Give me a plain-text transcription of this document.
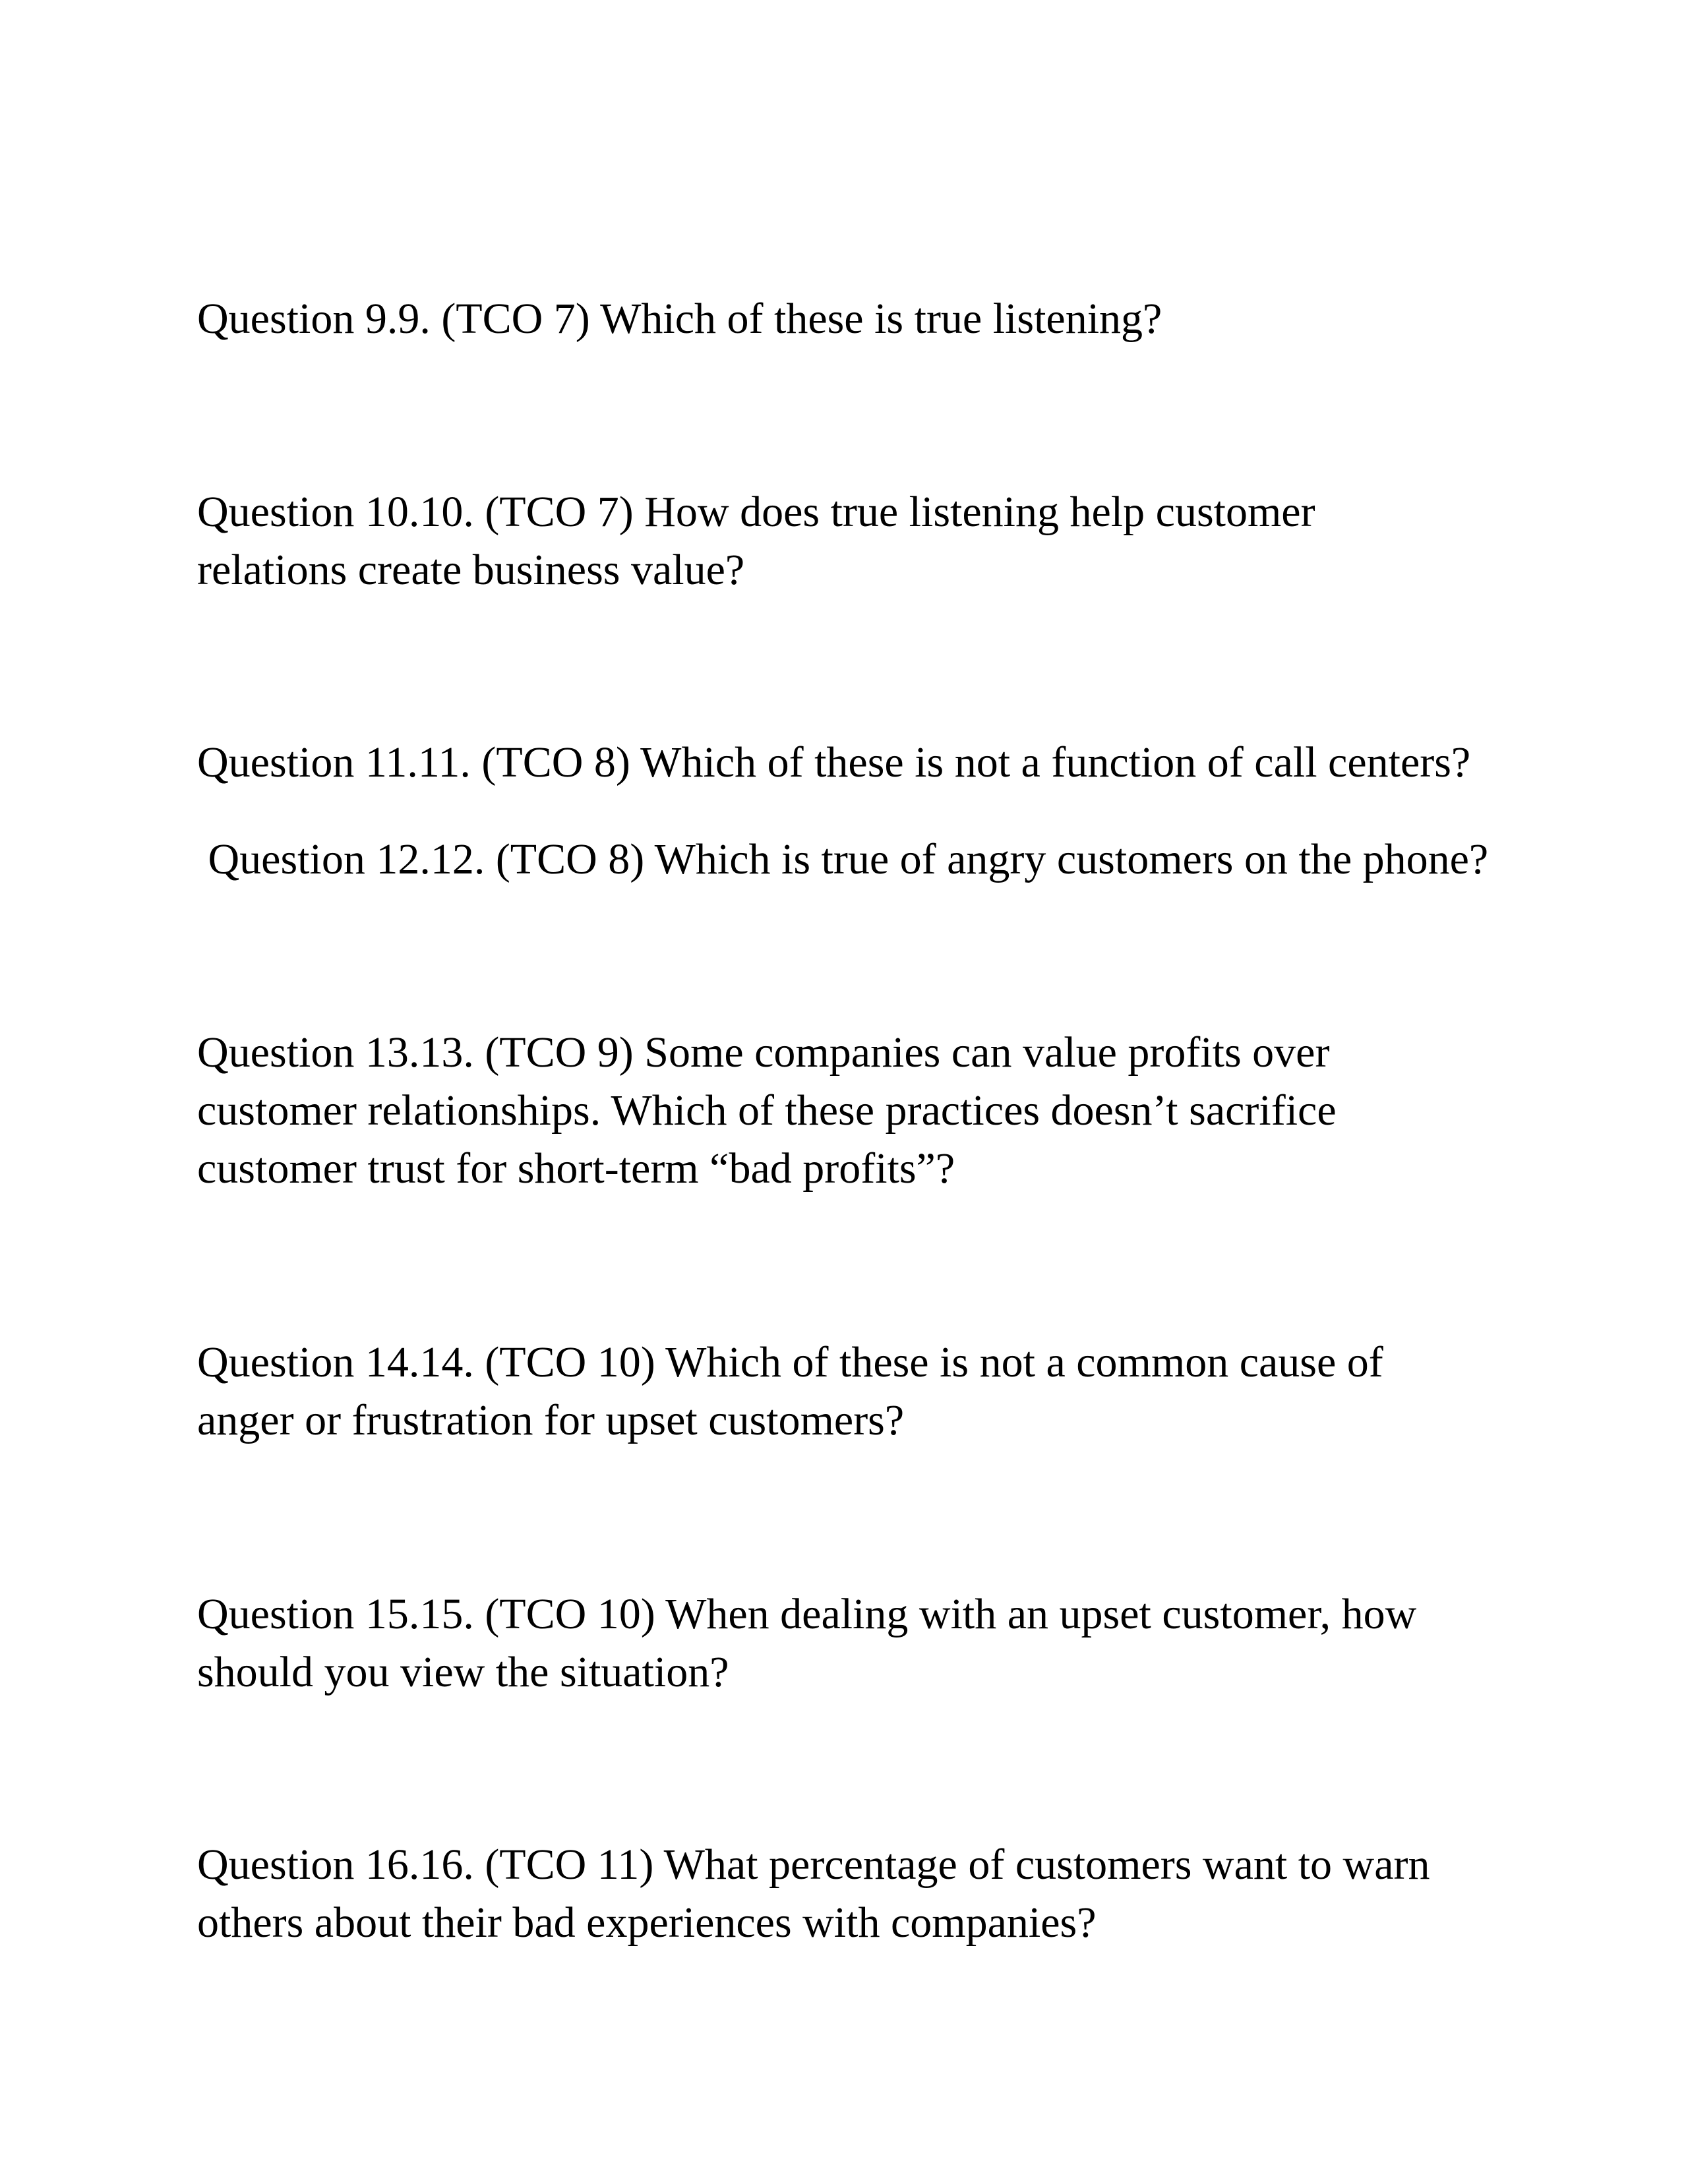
Question 9.9. (TCO 7) Which of these is true listening?

Question 10.10. (TCO 7) How does true listening help customer
relations create business value?

Question 11.11. (TCO 8) Which of these is not a function of call centers?

Question 12.12. (TCO 8) Which is true of angry customers on the phone?

Question 13.13. (TCO 9) Some companies can value profits over
customer relationships. Which of these practices doesn’t sacrifice
customer trust for short-term “bad profits”?

Question 14.14. (TCO 10) Which of these is not a common cause of
anger or frustration for upset customers?

Question 15.15. (TCO 10) When dealing with an upset customer, how
should you view the situation?

Question 16.16. (TCO 11) What percentage of customers want to warn
others about their bad experiences with companies?
